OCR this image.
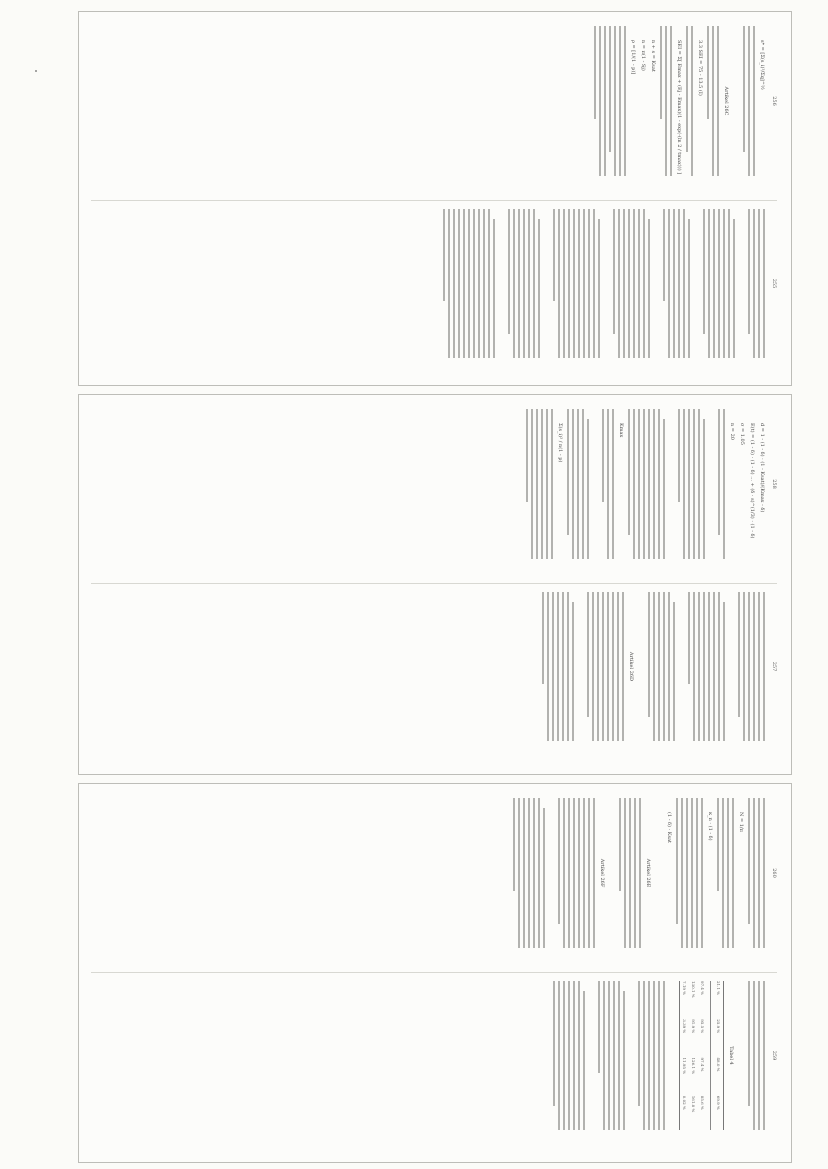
256
s* = [Σ(s_i)²/Σq]^½
Artikel 26C
3.3 SEI = 75 - 13.5 (I)
SEI = Σ[ Emax + (Ej - Emax)(1 - exp(-(ln 2 / tmax))) ]
n + s = Ksat
n = π(1 - Sj)
ρ = [1/(1 - p)]
255
258
d = 1 - (1 - δ) · (1 - Ksat)/(Kmax - δ)
E(t) = (1 - δ) · (1 - δ) ... + (δ · s)^(1/3) · (1 - δ)
σ = 1.05
n = 20
Kmax
Σ(s_i)² / n(1 - p)
257
Artikel 26D
260
N = 1/π
κ_n · (1 - δ)
(1 - δ) · Ksat
Artikel 26E
Artikel 26F
259
Tabel 4
21.1 %
25.9 %
48.0 %
69.9 %
97.4 %
95.5 %
97.4 %
85.6 %
130.1 %
91.9 %
126.1 %
161.8 %
7.19 %
3.39 %
11.95 %
0.02 %
